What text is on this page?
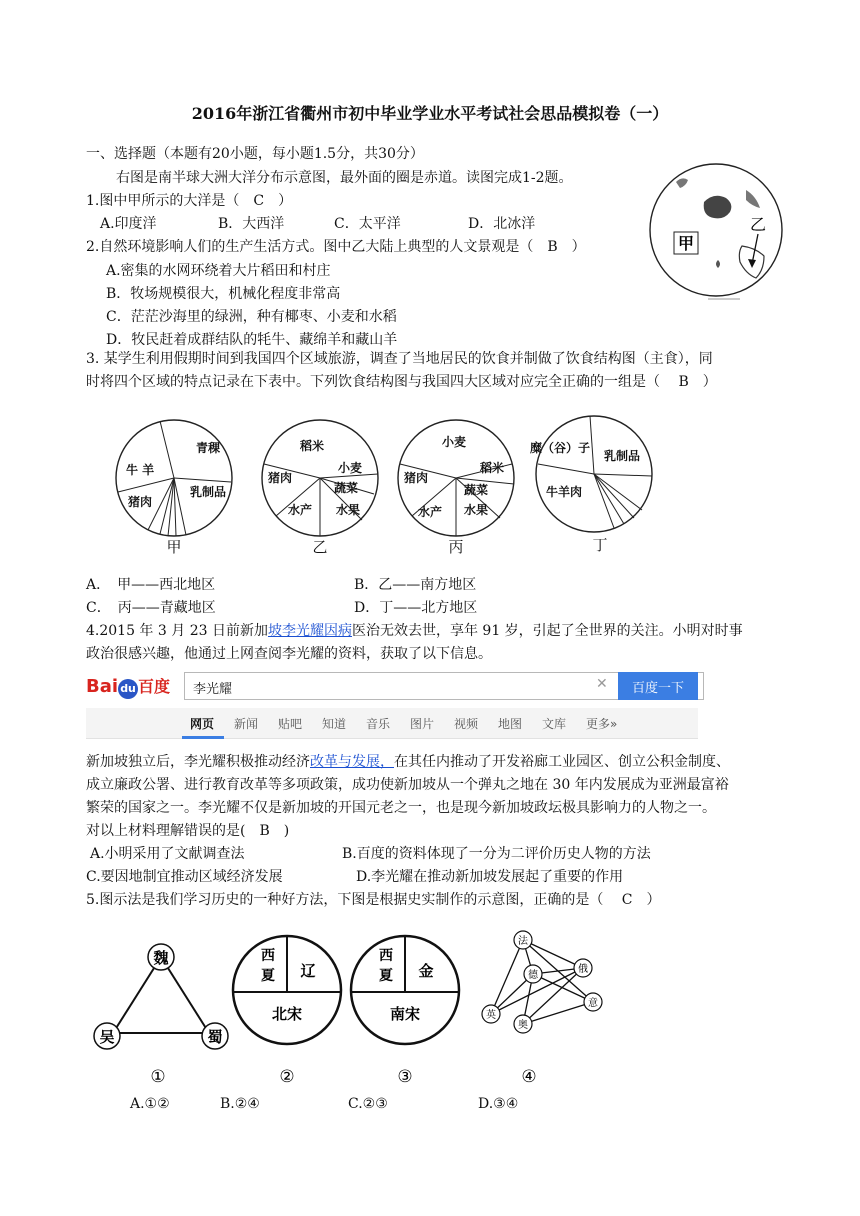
2016年浙江省衢州市初中毕业学业水平考试社会思品模拟卷（一）
一、选择题（本题有20小题，每小题1.5分，共30分）
右图是南半球大洲大洋分布示意图，最外面的圈是赤道。读图完成1-2题。
1.图中甲所示的大洋是（　C　）
A.印度洋	B．大西洋	C．太平洋	D．北冰洋
2.自然环境影响人们的生产生活方式。图中乙大陆上典型的人文景观是（　B　）
A.密集的水网环绕着大片稻田和村庄
B．牧场规模很大，机械化程度非常高
C．茫茫沙海里的绿洲，种有椰枣、小麦和水稻
D．牧民赶着成群结队的牦牛、藏绵羊和藏山羊
甲
乙
3. 某学生利用假期时间到我国四个区域旅游，调查了当地居民的饮食并制做了饮食结构图（主食），同
时将四个区域的特点记录在下表中。下列饮食结构图与我国四大区域对应完全正确的一组是（　 B　）
青稞
牛 羊
猪肉
乳制品
甲
稻米
小麦
猪肉
蔬菜
水产 水果
乙
小麦
猪肉
稻米
蔬菜
水产 水果
丙
糜（谷）子
乳制品
牛羊肉
丁
A．　甲——西北地区	B．乙——南方地区
C．　丙——青藏地区	D．丁——北方地区
4.2015 年 3 月 23 日前新加坡李光耀因病医治无效去世，享年 91 岁，引起了全世界的关注。小明对时事
政治很感兴趣，他通过上网查阅李光耀的资料，获取了以下信息。
Bai du 百度	李光耀	✕	百度一下
网页 新闻 贴吧 知道 音乐 图片 视频 地图 文库 更多»
新加坡独立后，李光耀积极推动经济改革与发展，在其任内推动了开发裕廊工业园区、创立公积金制度、
成立廉政公署、进行教育改革等多项政策，成功使新加坡从一个弹丸之地在 30 年内发展成为亚洲最富裕
繁荣的国家之一。李光耀不仅是新加坡的开国元老之一，也是现今新加坡政坛极具影响力的人物之一。
对以上材料理解错误的是(　B　)
A.小明采用了文献调查法	B.百度的资料体现了一分为二评价历史人物的方法
C.要因地制宜推动区域经济发展	D.李光耀在推动新加坡发展起了重要的作用
5.图示法是我们学习历史的一种好方法，下图是根据史实制作的示意图，正确的是（　 C　）
魏
吴	蜀
①
西
夏 辽
北宋
②
西
夏 金
南宋
③
法
德
俄
意
英
奥
④
A.①②	B.②④	C.②③	D.③④
